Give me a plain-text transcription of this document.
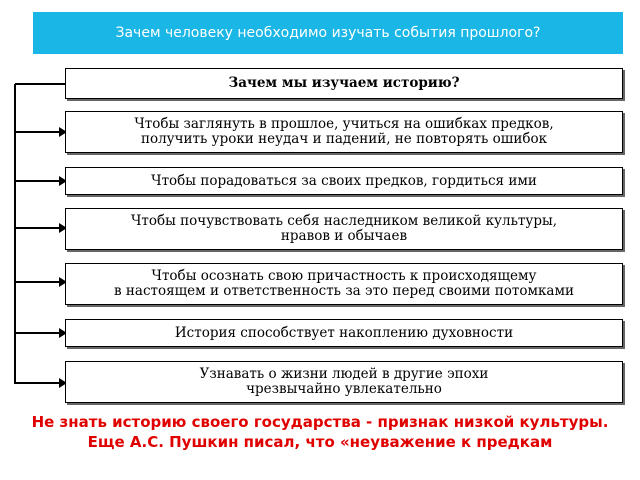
Зачем человеку необходимо изучать события прошлого?
Зачем мы изучаем историю?
Чтобы заглянуть в прошлое, учиться на ошибках предков,
получить уроки неудач и падений, не повторять ошибок
Чтобы порадоваться за своих предков, гордиться ими
Чтобы почувствовать себя наследником великой культуры,
нравов и обычаев
Чтобы осознать свою причастность к происходящему
в настоящем и ответственность за это перед своими потомками
История способствует накоплению духовности
Узнавать о жизни людей в другие эпохи
чрезвычайно увлекательно
Не знать историю своего государства - признак низкой культуры.
Еще А.С. Пушкин писал, что «неуважение к предкам
